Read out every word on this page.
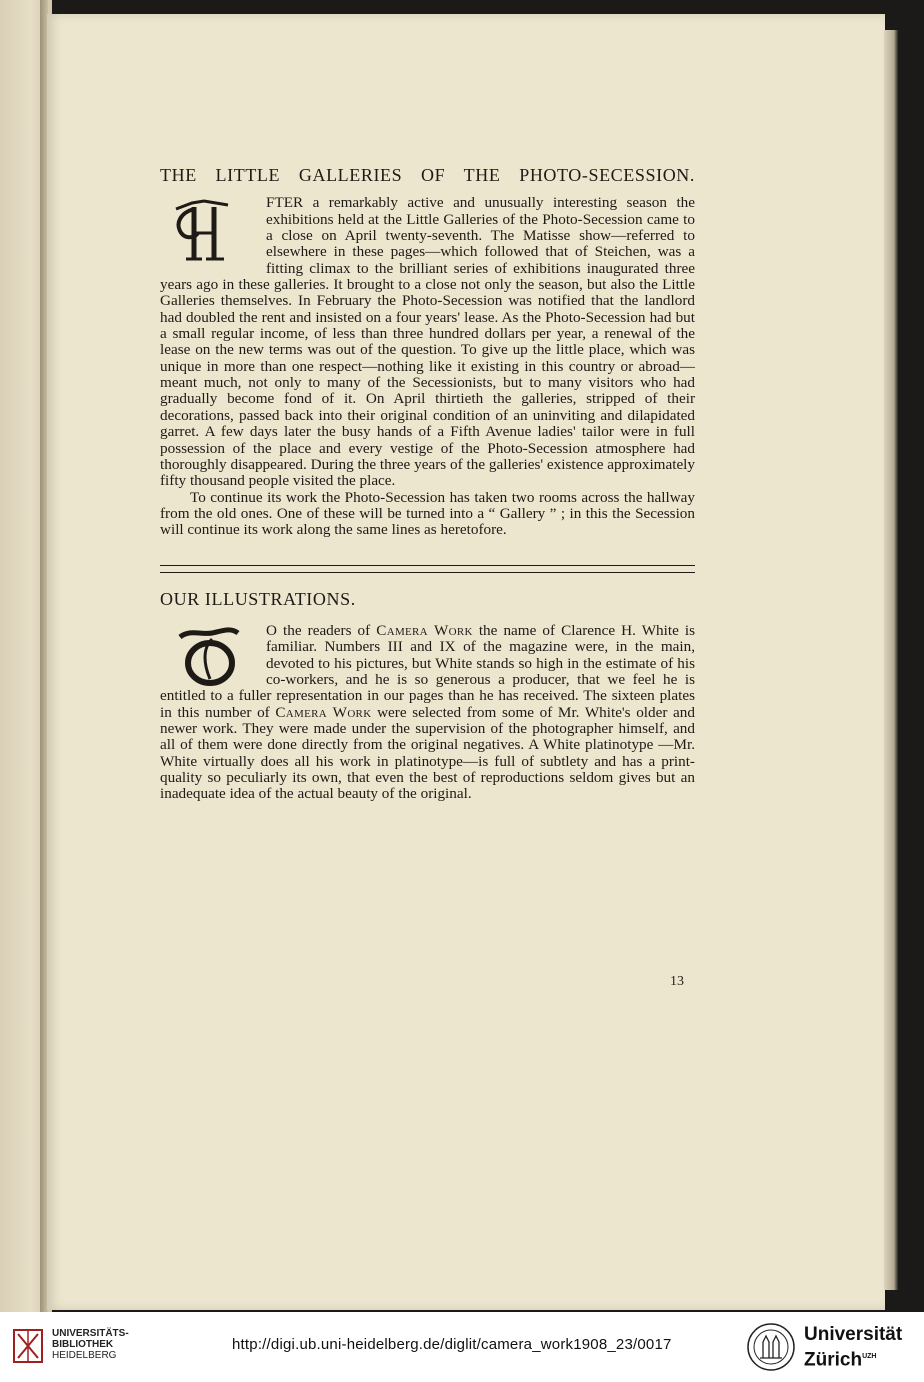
THE LITTLE GALLERIES OF THE PHOTO-SECESSION.

FTER a remarkably active and unusually interesting season the exhibitions held at the Little Galleries of the Photo-Secession came to a close on April twenty-seventh. The Matisse show—referred to elsewhere in these pages—which followed that of Steichen, was a fitting climax to the brilliant series of exhibitions inaugurated three years ago in these galleries. It brought to a close not only the season, but also the Little Galleries themselves. In February the Photo-Secession was notified that the landlord had doubled the rent and insisted on a four years' lease. As the Photo-Secession had but a small regular income, of less than three hundred dollars per year, a renewal of the lease on the new terms was out of the question. To give up the little place, which was unique in more than one respect—nothing like it existing in this country or abroad—meant much, not only to many of the Secessionists, but to many visitors who had gradually become fond of it. On April thirtieth the galleries, stripped of their decorations, passed back into their original condition of an uninviting and dilapidated garret. A few days later the busy hands of a Fifth Avenue ladies' tailor were in full possession of the place and every vestige of the Photo-Secession atmosphere had thoroughly disappeared. During the three years of the galleries' existence approximately fifty thousand people visited the place.

To continue its work the Photo-Secession has taken two rooms across the hallway from the old ones. One of these will be turned into a “ Gallery ” ; in this the Secession will continue its work along the same lines as heretofore.

OUR ILLUSTRATIONS.

O the readers of Camera Work the name of Clarence H. White is familiar. Numbers III and IX of the magazine were, in the main, devoted to his pictures, but White stands so high in the estimate of his co-workers, and he is so generous a producer, that we feel he is entitled to a fuller representation in our pages than he has received. The sixteen plates in this number of Camera Work were selected from some of Mr. White's older and newer work. They were made under the supervision of the photographer himself, and all of them were done directly from the original negatives. A White platinotype —Mr. White virtually does all his work in platinotype—is full of subtlety and has a print-quality so peculiarly its own, that even the best of reproductions seldom gives but an inadequate idea of the actual beauty of the original.

13
UNIVERSITÄTS-
BIBLIOTHEK
HEIDELBERG
http://digi.ub.uni-heidelberg.de/diglit/camera_work1908_23/0017	Universität
Zürich$^{UZH}$
